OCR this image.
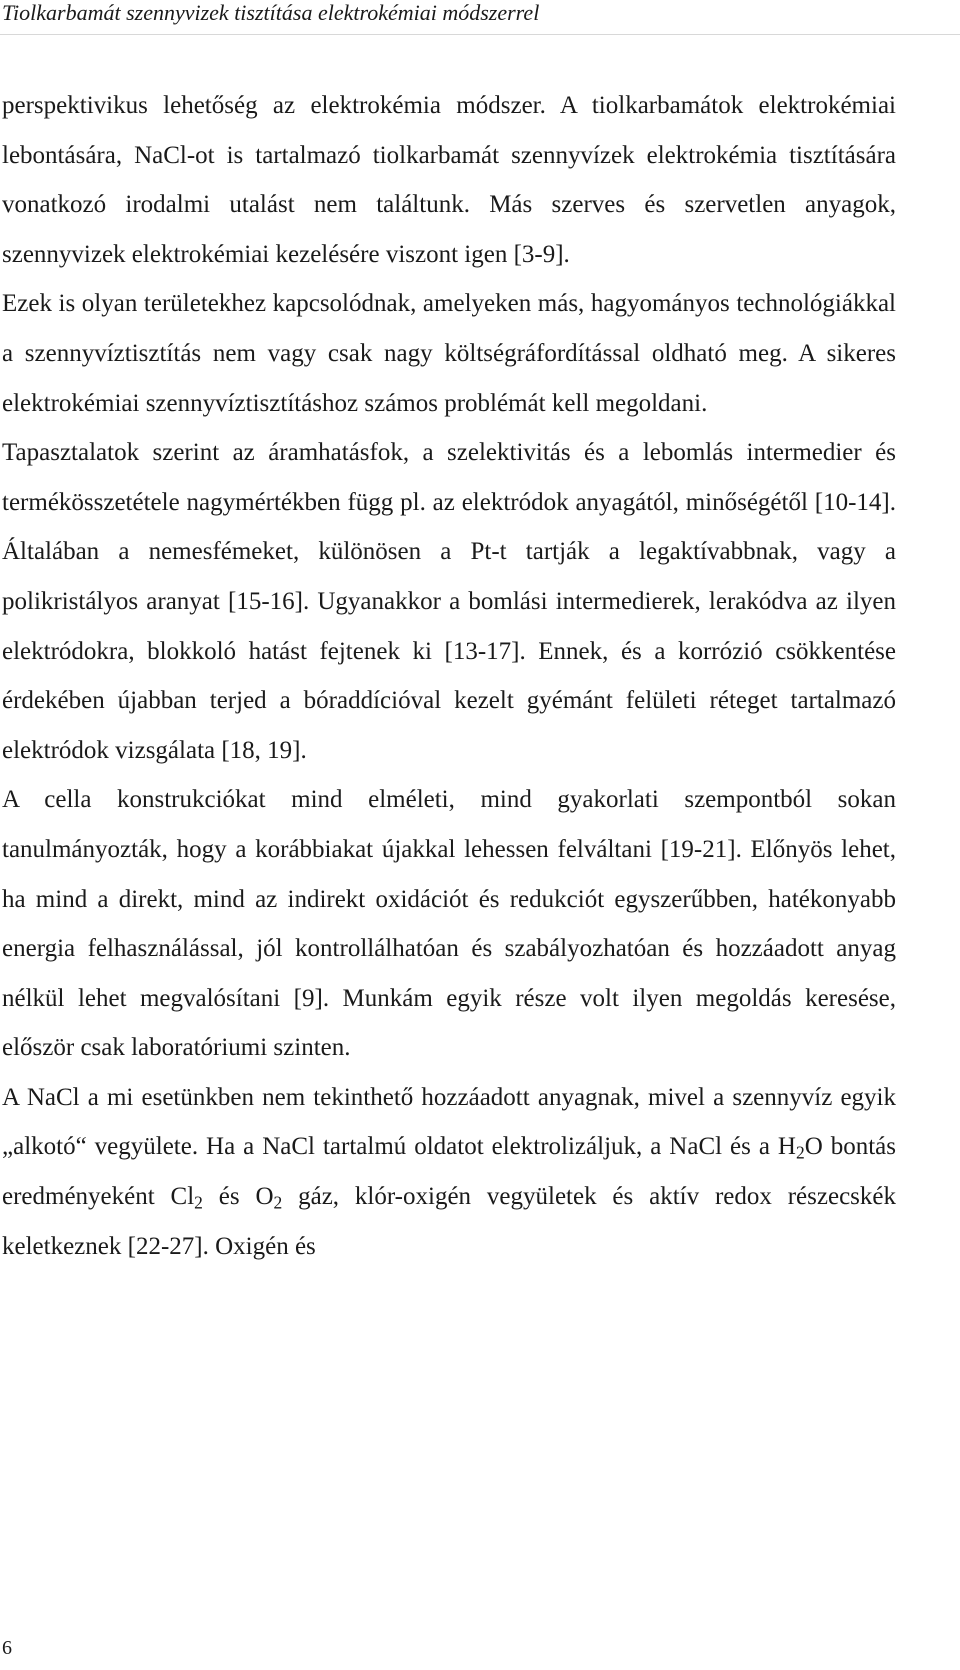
Tiolkarbamát szennyvizek tisztítása elektrokémiai módszerrel

perspektivikus lehetőség az elektrokémia módszer. A tiolkarbamátok elektrokémiai lebontására, NaCl-ot is tartalmazó tiolkarbamát szennyvízek elektrokémia tisztítására vonatkozó irodalmi utalást nem találtunk. Más szerves és szervetlen anyagok, szennyvizek elektrokémiai kezelésére viszont igen [3-9].

Ezek is olyan területekhez kapcsolódnak, amelyeken más, hagyományos technológiákkal a szennyvíztisztítás nem vagy csak nagy költségráfordítással oldható meg. A sikeres elektrokémiai szennyvíztisztításhoz számos problémát kell megoldani.

Tapasztalatok szerint az áramhatásfok, a szelektivitás és a lebomlás intermedier és termékösszetétele nagymértékben függ pl. az elektródok anyagától, minőségétől [10-14]. Általában a nemesfémeket, különösen a Pt-t tartják a legaktívabbnak, vagy a polikristályos aranyat [15-16]. Ugyanakkor a bomlási intermedierek, lerakódva az ilyen elektródokra, blokkoló hatást fejtenek ki [13-17]. Ennek, és a korrózió csökkentése érdekében újabban terjed a bóraddícióval kezelt gyémánt felületi réteget tartalmazó elektródok vizsgálata [18, 19].

A cella konstrukciókat mind elméleti, mind gyakorlati szempontból sokan tanulmányozták, hogy a korábbiakat újakkal lehessen felváltani [19-21]. Előnyös lehet, ha mind a direkt, mind az indirekt oxidációt és redukciót egyszerűbben, hatékonyabb energia felhasználással, jól kontrollálhatóan és szabályozhatóan és hozzáadott anyag nélkül lehet megvalósítani [9]. Munkám egyik része volt ilyen megoldás keresése, először csak laboratóriumi szinten.

A NaCl a mi esetünkben nem tekinthető hozzáadott anyagnak, mivel a szennyvíz egyik „alkotó“ vegyülete. Ha a NaCl tartalmú oldatot elektrolizáljuk, a NaCl és a $H_2O$ bontás eredményeként $Cl_2$ és $O_2$ gáz, klór-oxigén vegyületek és aktív redox részecskék keletkeznek [22-27]. Oxigén és

6
